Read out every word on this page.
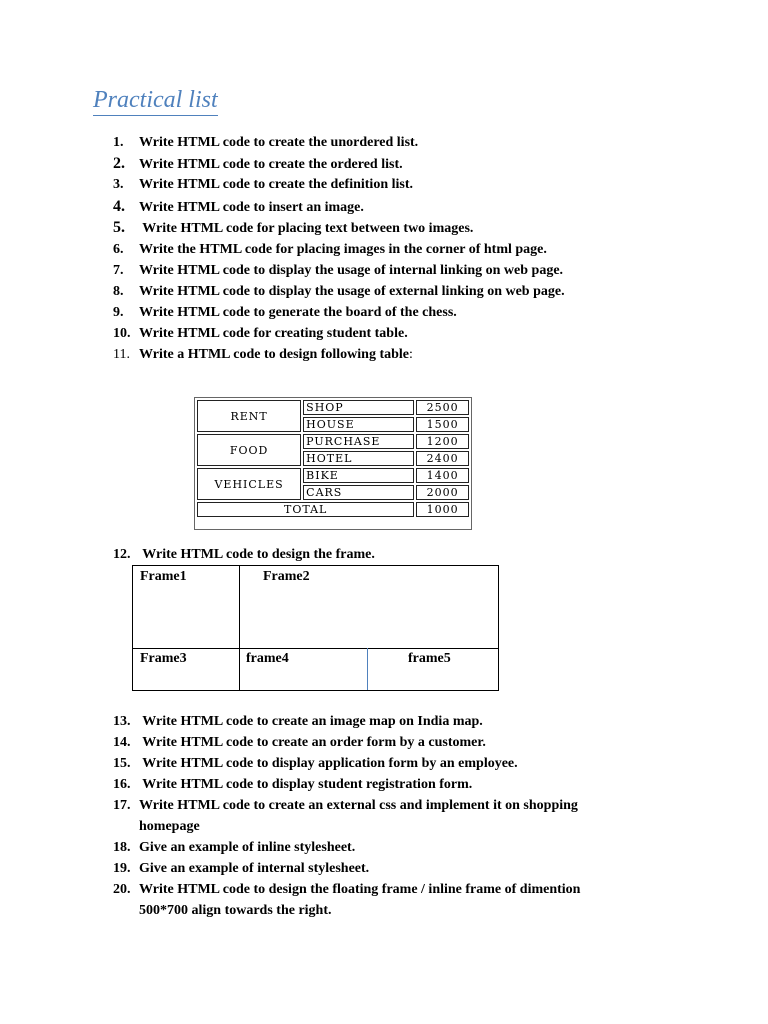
Practical list
1. Write HTML code to create the unordered list.
2. Write HTML code to create the ordered list.
3. Write HTML code to create the definition list.
4. Write HTML code to insert an image.
5. Write HTML code for placing text between two images.
6. Write the HTML code for placing images in the corner of html page.
7. Write HTML code to display the usage of internal linking on web page.
8. Write HTML code to display the usage of external linking on web page.
9. Write HTML code to generate the board of the chess.
10. Write HTML code for creating student table.
11. Write a HTML code to design following table:
RENT	SHOP	2500
	HOUSE	1500
FOOD	PURCHASE	1200
	HOTEL	2400
VEHICLES	BIKE	1400
	CARS	2000
TOTAL		1000
12. Write HTML code to design the frame.
Frame1	Frame2
Frame3	frame4	frame5
13. Write HTML code to create an image map on India map.
14. Write HTML code to create an order form by a customer.
15. Write HTML code to display application form by an employee.
16. Write HTML code to display student registration form.
17. Write HTML code to create an external css and implement it on shopping
homepage
18. Give an example of inline stylesheet.
19. Give an example of internal stylesheet.
20. Write HTML code to design the floating frame / inline frame of dimention
500*700 align towards the right.
